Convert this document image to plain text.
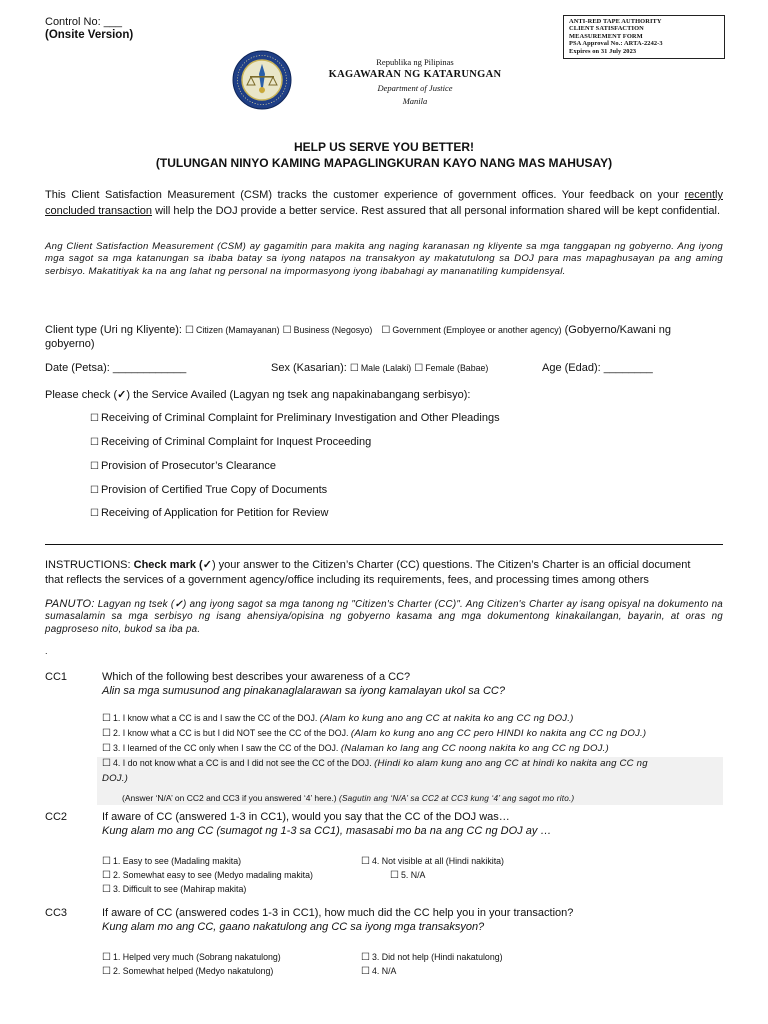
Control No: ___
(Onsite Version)
ANTI-RED TAPE AUTHORITY
CLIENT SATISFACTION
MEASUREMENT FORM
PSA Approval No.: ARTA-2242-3
Expires on 31 July 2023
Republika ng Pilipinas
KAGAWARAN NG KATARUNGAN
Department of Justice
Manila
HELP US SERVE YOU BETTER!
(TULUNGAN NINYO KAMING MAPAGLINGKURAN KAYO NANG MAS MAHUSAY)
This Client Satisfaction Measurement (CSM) tracks the customer experience of government offices. Your feedback on your recently concluded transaction will help the DOJ provide a better service. Rest assured that all personal information shared will be kept confidential.
Ang Client Satisfaction Measurement (CSM) ay gagamitin para makita ang naging karanasan ng kliyente sa mga tanggapan ng gobyerno. Ang iyong mga sagot sa mga katanungan sa ibaba batay sa iyong natapos na transakyon ay makatutulong sa DOJ para mas mapaghusayan pa ang aming serbisyo. Makatitiyak ka na ang lahat ng personal na impormasyong iyong ibabahagi ay mananatiling kumpidensyal.
Client type (Uri ng Kliyente): ☐ Citizen (Mamayanan) ☐ Business (Negosyo) ☐ Government (Employee or another agency) (Gobyerno/Kawani ng
gobyerno)
Date (Petsa): ____________	Sex (Kasarian): ☐ Male (Lalaki) ☐ Female (Babae)	Age (Edad): ________
Please check (✓) the Service Availed (Lagyan ng tsek ang napakinabangang serbisyo):
☐ Receiving of Criminal Complaint for Preliminary Investigation and Other Pleadings
☐ Receiving of Criminal Complaint for Inquest Proceeding
☐ Provision of Prosecutor’s Clearance
☐ Provision of Certified True Copy of Documents
☐ Receiving of Application for Petition for Review
INSTRUCTIONS: Check mark (✓) your answer to the Citizen’s Charter (CC) questions. The Citizen’s Charter is an official document
that reflects the services of a government agency/office including its requirements, fees, and processing times among others
PANUTO: Lagyan ng tsek (✓) ang iyong sagot sa mga tanong ng "Citizen's Charter (CC)". Ang Citizen's Charter ay isang opisyal na dokumento na sumasalamin sa mga serbisyo ng isang ahensiya/opisina ng gobyerno kasama ang mga dokumentong kinakailangan, bayarin, at oras ng pagproseso nito, bukod sa iba pa.
.
CC1	Which of the following best describes your awareness of a CC?
Alin sa mga sumusunod ang pinakanaglalarawan sa iyong kamalayan ukol sa CC?
☐ 1. I know what a CC is and I saw the CC of the DOJ. (Alam ko kung ano ang CC at nakita ko ang CC ng DOJ.)
☐ 2. I know what a CC is but I did NOT see the CC of the DOJ. (Alam ko kung ano ang CC pero HINDI ko nakita ang CC ng DOJ.)
☐ 3. I learned of the CC only when I saw the CC of the DOJ. (Nalaman ko lang ang CC noong nakita ko ang CC ng DOJ.)
☐ 4. I do not know what a CC is and I did not see the CC of the DOJ. (Hindi ko alam kung ano ang CC at hindi ko nakita ang CC ng
DOJ.)
(Answer ‘N/A’ on CC2 and CC3 if you answered ‘4’ here.) (Sagutin ang ‘N/A’ sa CC2 at CC3 kung ‘4’ ang sagot mo rito.)
CC2	If aware of CC (answered 1-3 in CC1), would you say that the CC of the DOJ was…
Kung alam mo ang CC (sumagot ng 1-3 sa CC1), masasabi mo ba na ang CC ng DOJ ay …
☐ 1. Easy to see (Madaling makita)
☐ 2. Somewhat easy to see (Medyo madaling makita)
☐ 3. Difficult to see (Mahirap makita)
☐ 4. Not visible at all (Hindi nakikita)
☐ 5. N/A
CC3	If aware of CC (answered codes 1-3 in CC1), how much did the CC help you in your transaction?
Kung alam mo ang CC, gaano nakatulong ang CC sa iyong mga transaksyon?
☐ 1. Helped very much (Sobrang nakatulong)
☐ 2. Somewhat helped (Medyo nakatulong)
☐ 3. Did not help (Hindi nakatulong)
☐ 4. N/A
